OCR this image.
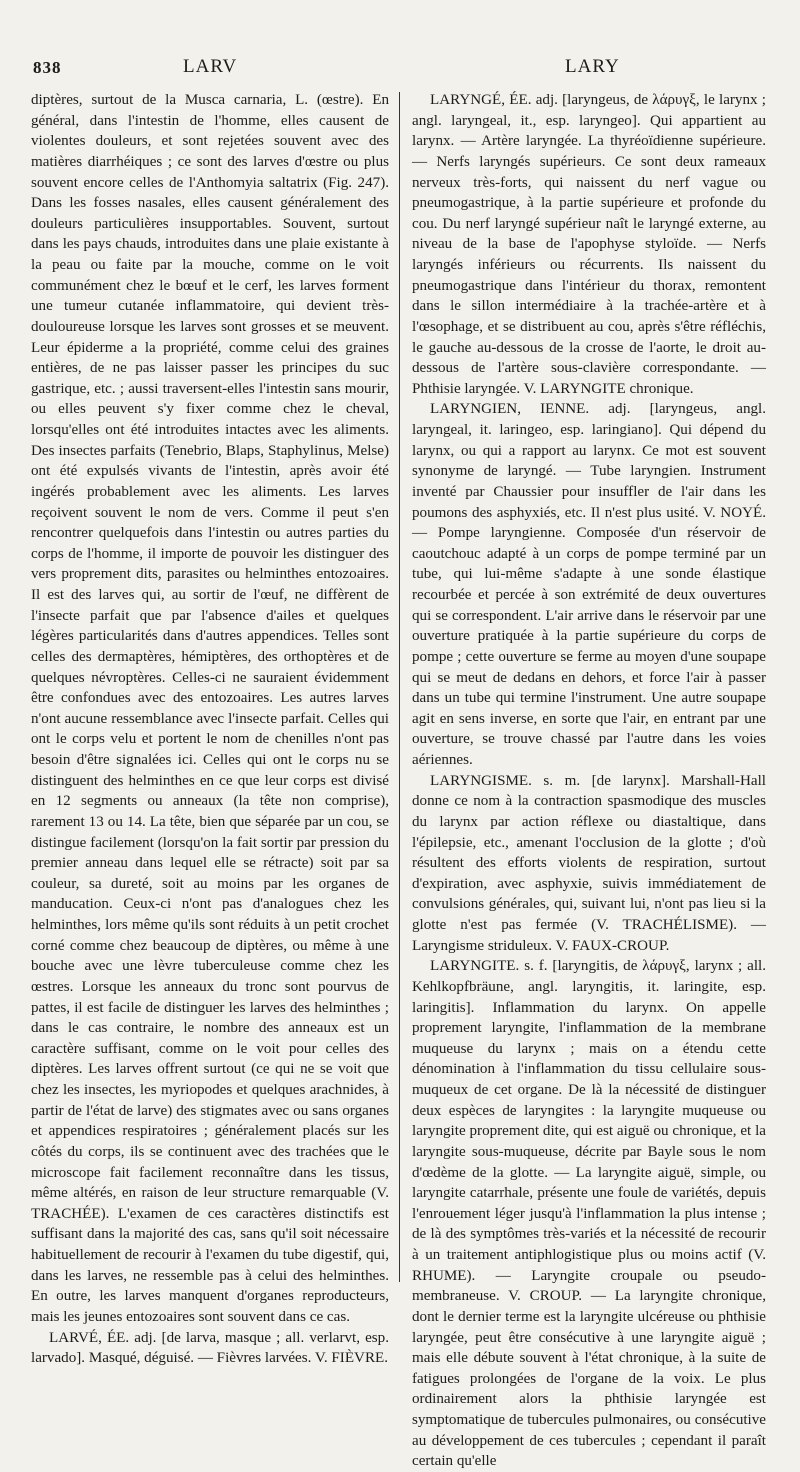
838	LARV	LARY

diptères, surtout de la Musca carnaria, L. (œstre). En général, dans l'intestin de l'homme, elles causent de violentes douleurs, et sont rejetées souvent avec des matières diarrhéiques ; ce sont des larves d'œstre ou plus souvent encore celles de l'Anthomyia saltatrix (Fig. 247). Dans les fosses nasales, elles causent généralement des douleurs particulières insupportables. Souvent, surtout dans les pays chauds, introduites dans une plaie existante à la peau ou faite par la mouche, comme on le voit communément chez le bœuf et le cerf, les larves forment une tumeur cutanée inflammatoire, qui devient très-douloureuse lorsque les larves sont grosses et se meuvent. Leur épiderme a la propriété, comme celui des graines entières, de ne pas laisser passer les principes du suc gastrique, etc. ; aussi traversent-elles l'intestin sans mourir, ou elles peuvent s'y fixer comme chez le cheval, lorsqu'elles ont été introduites intactes avec les aliments. Des insectes parfaits (Tenebrio, Blaps, Staphylinus, Melse) ont été expulsés vivants de l'intestin, après avoir été ingérés probablement avec les aliments. Les larves reçoivent souvent le nom de vers. Comme il peut s'en rencontrer quelquefois dans l'intestin ou autres parties du corps de l'homme, il importe de pouvoir les distinguer des vers proprement dits, parasites ou helminthes entozoaires. Il est des larves qui, au sortir de l'œuf, ne diffèrent de l'insecte parfait que par l'absence d'ailes et quelques légères particularités dans d'autres appendices. Telles sont celles des dermaptères, hémiptères, des orthoptères et de quelques névroptères. Celles-ci ne sauraient évidemment être confondues avec des entozoaires. Les autres larves n'ont aucune ressemblance avec l'insecte parfait. Celles qui ont le corps velu et portent le nom de chenilles n'ont pas besoin d'être signalées ici. Celles qui ont le corps nu se distinguent des helminthes en ce que leur corps est divisé en 12 segments ou anneaux (la tête non comprise), rarement 13 ou 14. La tête, bien que séparée par un cou, se distingue facilement (lorsqu'on la fait sortir par pression du premier anneau dans lequel elle se rétracte) soit par sa couleur, sa dureté, soit au moins par les organes de manducation. Ceux-ci n'ont pas d'analogues chez les helminthes, lors même qu'ils sont réduits à un petit crochet corné comme chez beaucoup de diptères, ou même à une bouche avec une lèvre tuberculeuse comme chez les œstres. Lorsque les anneaux du tronc sont pourvus de pattes, il est facile de distinguer les larves des helminthes ; dans le cas contraire, le nombre des anneaux est un caractère suffisant, comme on le voit pour celles des diptères. Les larves offrent surtout (ce qui ne se voit que chez les insectes, les myriopodes et quelques arachnides, à partir de l'état de larve) des stigmates avec ou sans organes et appendices respiratoires ; généralement placés sur les côtés du corps, ils se continuent avec des trachées que le microscope fait facilement reconnaître dans les tissus, même altérés, en raison de leur structure remarquable (V. TRACHÉE). L'examen de ces caractères distinctifs est suffisant dans la majorité des cas, sans qu'il soit nécessaire habituellement de recourir à l'examen du tube digestif, qui, dans les larves, ne ressemble pas à celui des helminthes. En outre, les larves manquent d'organes reproducteurs, mais les jeunes entozoaires sont souvent dans ce cas.

LARVÉ, ÉE. adj. [de larva, masque ; all. verlarvt, esp. larvado]. Masqué, déguisé. — Fièvres larvées. V. FIÈVRE.

LARYNGÉ, ÉE. adj. [laryngeus, de λάρυγξ, le larynx ; angl. laryngeal, it., esp. laryngeo]. Qui appartient au larynx. — Artère laryngée. La thyréoïdienne supérieure. — Nerfs laryngés supérieurs. Ce sont deux rameaux nerveux très-forts, qui naissent du nerf vague ou pneumogastrique, à la partie supérieure et profonde du cou. Du nerf laryngé supérieur naît le laryngé externe, au niveau de la base de l'apophyse styloïde. — Nerfs laryngés inférieurs ou récurrents. Ils naissent du pneumogastrique dans l'intérieur du thorax, remontent dans le sillon intermédiaire à la trachée-artère et à l'œsophage, et se distribuent au cou, après s'être réfléchis, le gauche au-dessous de la crosse de l'aorte, le droit au-dessous de l'artère sous-clavière correspondante. — Phthisie laryngée. V. LARYNGITE chronique.

LARYNGIEN, IENNE. adj. [laryngeus, angl. laryngeal, it. laringeo, esp. laringiano]. Qui dépend du larynx, ou qui a rapport au larynx. Ce mot est souvent synonyme de laryngé. — Tube laryngien. Instrument inventé par Chaussier pour insuffler de l'air dans les poumons des asphyxiés, etc. Il n'est plus usité. V. NOYÉ. — Pompe laryngienne. Composée d'un réservoir de caoutchouc adapté à un corps de pompe terminé par un tube, qui lui-même s'adapte à une sonde élastique recourbée et percée à son extrémité de deux ouvertures qui se correspondent. L'air arrive dans le réservoir par une ouverture pratiquée à la partie supérieure du corps de pompe ; cette ouverture se ferme au moyen d'une soupape qui se meut de dedans en dehors, et force l'air à passer dans un tube qui termine l'instrument. Une autre soupape agit en sens inverse, en sorte que l'air, en entrant par une ouverture, se trouve chassé par l'autre dans les voies aériennes.

LARYNGISME. s. m. [de larynx]. Marshall-Hall donne ce nom à la contraction spasmodique des muscles du larynx par action réflexe ou diastaltique, dans l'épilepsie, etc., amenant l'occlusion de la glotte ; d'où résultent des efforts violents de respiration, surtout d'expiration, avec asphyxie, suivis immédiatement de convulsions générales, qui, suivant lui, n'ont pas lieu si la glotte n'est pas fermée (V. TRACHÉLISME). — Laryngisme striduleux. V. FAUX-CROUP.

LARYNGITE. s. f. [laryngitis, de λάρυγξ, larynx ; all. Kehlkopfbräune, angl. laryngitis, it. laringite, esp. laringitis]. Inflammation du larynx. On appelle proprement laryngite, l'inflammation de la membrane muqueuse du larynx ; mais on a étendu cette dénomination à l'inflammation du tissu cellulaire sous-muqueux de cet organe. De là la nécessité de distinguer deux espèces de laryngites : la laryngite muqueuse ou laryngite proprement dite, qui est aiguë ou chronique, et la laryngite sous-muqueuse, décrite par Bayle sous le nom d'œdème de la glotte. — La laryngite aiguë, simple, ou laryngite catarrhale, présente une foule de variétés, depuis l'enrouement léger jusqu'à l'inflammation la plus intense ; de là des symptômes très-variés et la nécessité de recourir à un traitement antiphlogistique plus ou moins actif (V. RHUME). — Laryngite croupale ou pseudo-membraneuse. V. CROUP. — La laryngite chronique, dont le dernier terme est la laryngite ulcéreuse ou phthisie laryngée, peut être consécutive à une laryngite aiguë ; mais elle débute souvent à l'état chronique, à la suite de fatigues prolongées de l'organe de la voix. Le plus ordinairement alors la phthisie laryngée est symptomatique de tubercules pulmonaires, ou consécutive au développement de ces tubercules ; cependant il paraît certain qu'elle
